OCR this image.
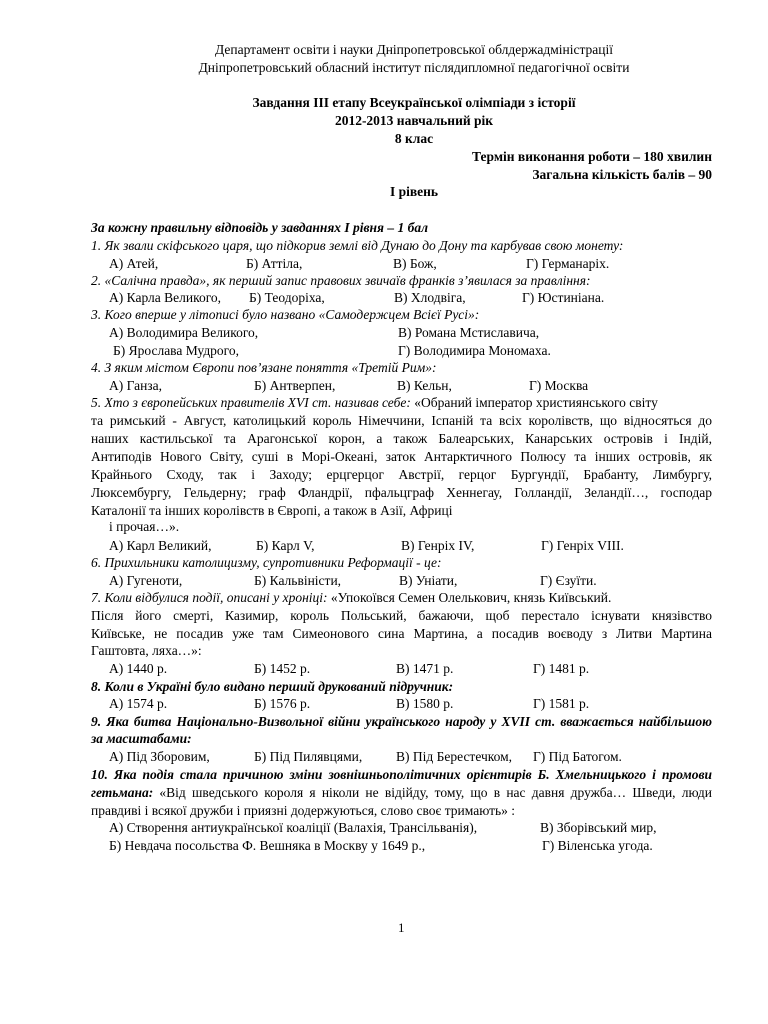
Департамент освіти і науки Дніпропетровської облдержадміністрації
Дніпропетровський обласний інститут післядипломної педагогічної освіти
Завдання ІІІ етапу Всеукраїнської олімпіади з історії
2012-2013 навчальний рік
8 клас
Термін виконання роботи – 180 хвилин
Загальна кількість балів – 90
І рівень
За кожну правильну відповідь у завданнях І рівня – 1 бал
1. Як звали скіфського царя, що підкорив землі від Дунаю до Дону та карбував свою монету:
А) Атей,	Б) Аттіла,	В) Бож,	Г) Германаріх.
2. «Салічна правда», як перший запис правових звичаїв франків з’явилася за правління:
А) Карла Великого, Б) Теодоріха,	В) Хлодвіга,	Г) Юстиніана.
3. Кого вперше у літописі було названо «Самодержцем Всієї Русі»:
А) Володимира Великого,	В) Романа Мстиславича,
Б) Ярослава Мудрого,	Г) Володимира Мономаха.
4. З яким містом Європи пов’язане поняття «Третій Рим»:
А) Ганза,	Б) Антверпен,	В) Кельн,	Г) Москва
5. Хто з європейських правителів XVI ст. називав себе: «Обраний імператор християнського світу
та римський - Август, католицький король Німеччини, Іспаній та всіх королівств, що відносяться до
наших кастильської та Арагонської корон, а також Балеарських, Канарських островів і Індій,
Антиподів Нового Світу, суші в Морі-Океані, заток Антарктичного Полюсу та інших островів, як
Крайнього Сходу, так і Заходу; ерцгерцог Австрії, герцог Бургундії, Брабанту, Лимбургу,
Люксембургу, Гельдерну; граф Фландрії, пфальцграф Хеннегау, Голландії, Зеландії…, господар
Каталонії та інших королівств в Європі, а також в Азії, Африці
і прочая…».
А) Карл Великий,	Б) Карл V,	В) Генріх IV,	Г) Генріх VIII.
6. Прихильники католицизму, супротивники Реформації - це:
А) Гугеноти,	Б) Кальвіністи,	В) Уніати,	Г) Єзуїти.
7. Коли відбулися події, описані у хроніці: «Упокоївся Семен Олелькович, князь Київський.
Після його смерті, Казимир, король Польський, бажаючи, щоб перестало існувати князівство
Київське, не посадив уже там Симеонового сина Мартина, а посадив воєводу з Литви Мартина
Гаштовта, ляха…»:
А) 1440 р.	Б) 1452 р.	В) 1471 р.	Г) 1481 р.
8. Коли в Україні було видано перший друкований підручник:
А) 1574 р.	Б) 1576 р.	В) 1580 р.	Г) 1581 р.
9. Яка битва Національно-Визвольної війни українського народу у XVII ст. вважається найбільшою
за масштабами:
А) Під Зборовим,	Б) Під Пилявцями,	В) Під Берестечком, Г) Під Батогом.
10. Яка подія стала причиною зміни зовнішньополітичних орієнтирів Б. Хмельницького і промови
гетьмана: «Від шведського короля я ніколи не відійду, тому, що в нас давня дружба… Шведи, люди
правдиві і всякої дружби і приязні додержуються, слово своє тримають» :
А) Створення антиукраїнської коаліції (Валахія, Трансільванія),	В) Зборівський мир,
Б) Невдача посольства Ф. Вешняка в Москву у 1649 р.,	Г) Віленська угода.
1
